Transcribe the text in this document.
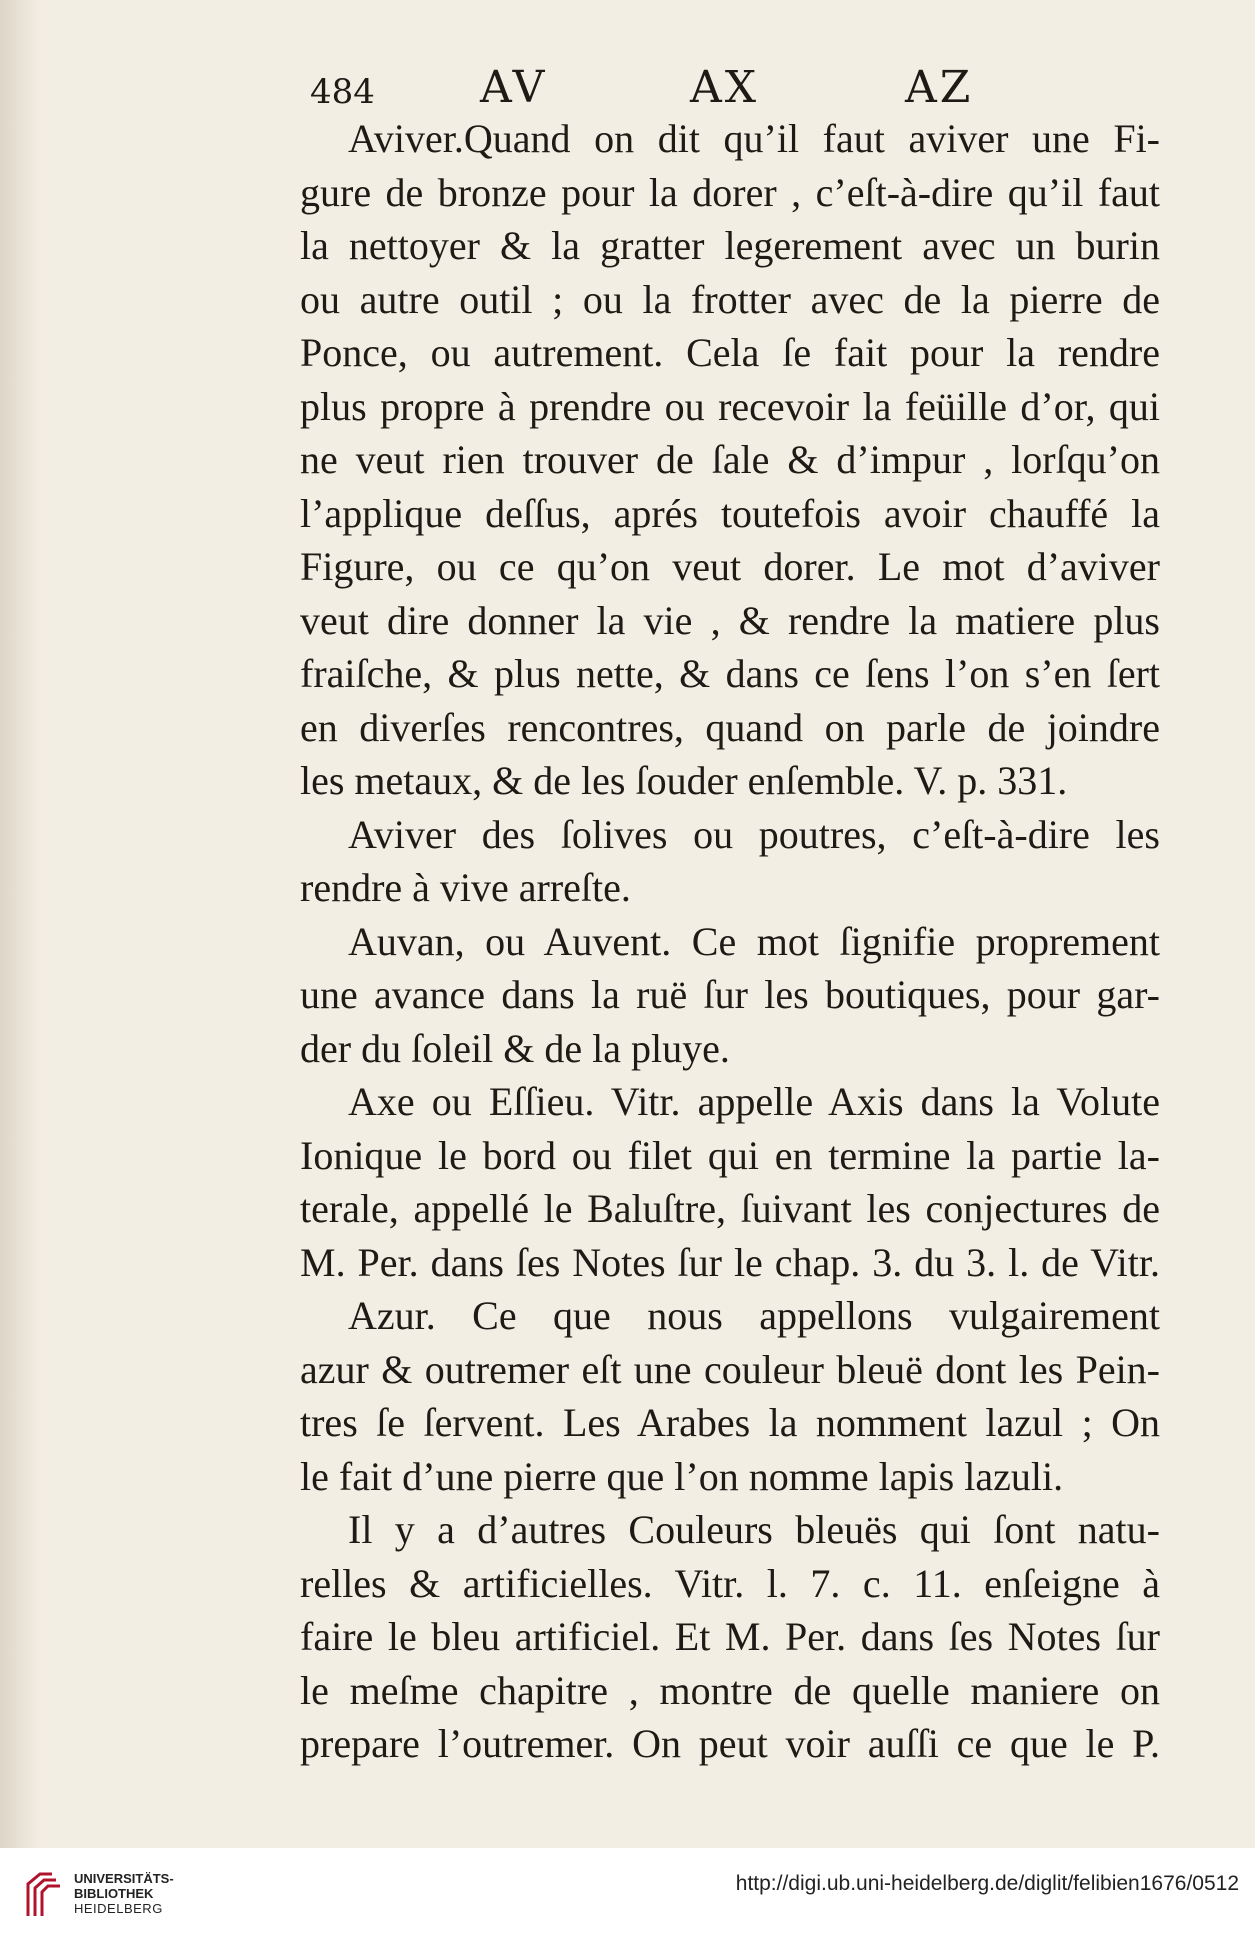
484 AV	AX	AZ
Aviver.Quand on dit qu’il faut aviver une Fi-
gure de bronze pour la dorer , c’eſt-à-dire qu’il faut
la nettoyer & la gratter legerement avec un burin
ou autre outil ; ou la frotter avec de la pierre de
Ponce, ou autrement. Cela ſe fait pour la rendre
plus propre à prendre ou recevoir la feüille d’or, qui
ne veut rien trouver de ſale & d’impur , lorſqu’on
l’applique deſſus, aprés toutefois avoir chauffé la
Figure, ou ce qu’on veut dorer. Le mot d’aviver
veut dire donner la vie , & rendre la matiere plus
fraiſche, & plus nette, & dans ce ſens l’on s’en ſert
en diverſes rencontres, quand on parle de joindre
les metaux, & de les ſouder enſemble. V. p. 331.
Aviver des ſolives ou poutres, c’eſt-à-dire les
rendre à vive arreſte.
Auvan, ou Auvent. Ce mot ſignifie proprement
une avance dans la ruë ſur les boutiques, pour gar-
der du ſoleil & de la pluye.
Axe ou Eſſieu. Vitr. appelle Axis dans la Volute
Ionique le bord ou filet qui en termine la partie la-
terale, appellé le Baluſtre, ſuivant les conjectures de
M. Per. dans ſes Notes ſur le chap. 3. du 3. l. de Vitr.
Azur. Ce que nous appellons vulgairement
azur & outremer eſt une couleur bleuë dont les Pein-
tres ſe ſervent. Les Arabes la nomment lazul ; On
le fait d’une pierre que l’on nomme lapis lazuli.
Il y a d’autres Couleurs bleuës qui ſont natu-
relles & artificielles. Vitr. l. 7. c. 11. enſeigne à
faire le bleu artificiel. Et M. Per. dans ſes Notes ſur
le meſme chapitre , montre de quelle maniere on
prepare l’outremer. On peut voir auſſi ce que le P.
UNIVERSITÄTS-
BIBLIOTHEK
HEIDELBERG
http://digi.ub.uni-heidelberg.de/diglit/felibien1676/0512
